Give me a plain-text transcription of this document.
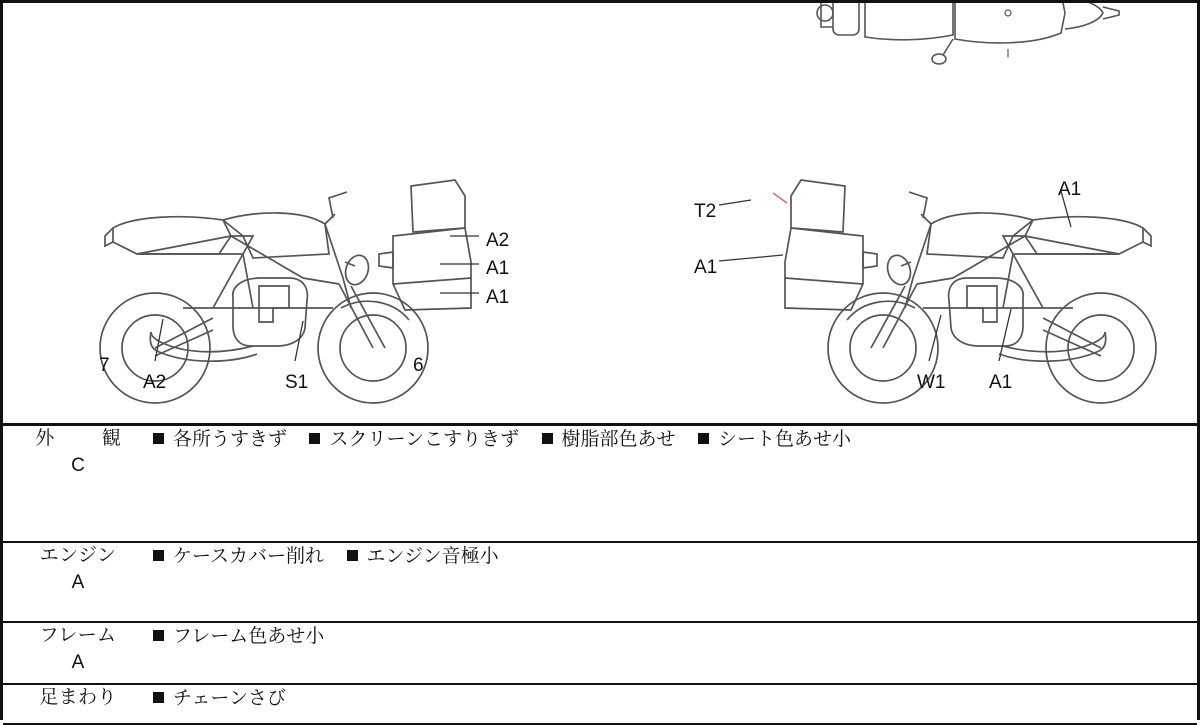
A2
A1
A1
7
A2	S1
6
T2
A1
A1
W1 A1
外　観
C	各所うすきず スクリーンこすりきず 樹脂部色あせ シート色あせ小

エンジン
A	ケースカバー削れ エンジン音極小

フレーム
A	フレーム色あせ小

足まわり	チェーンさび
